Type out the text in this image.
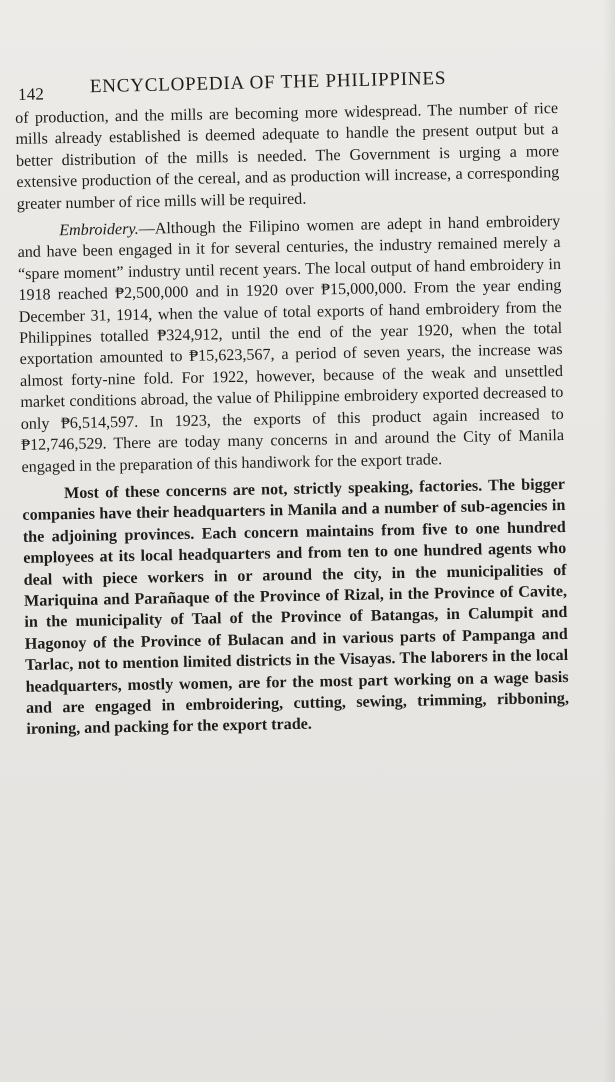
142 ENCYCLOPEDIA OF THE PHILIPPINES

of production, and the mills are becoming more widespread. The number of rice mills already established is deemed adequate to handle the present output but a better distribution of the mills is needed. The Government is urging a more extensive production of the cereal, and as production will increase, a corresponding greater number of rice mills will be required.

Embroidery.—Although the Filipino women are adept in hand embroidery and have been engaged in it for several centuries, the industry remained merely a “spare moment” industry until recent years. The local output of hand embroidery in 1918 reached ₱2,500,000 and in 1920 over ₱15,000,000. From the year ending December 31, 1914, when the value of total exports of hand embroidery from the Philippines totalled ₱324,912, until the end of the year 1920, when the total exportation amounted to ₱15,623,567, a period of seven years, the increase was almost forty-nine fold. For 1922, however, because of the weak and unsettled market conditions abroad, the value of Philippine embroidery exported decreased to only ₱6,514,597. In 1923, the exports of this product again increased to ₱12,746,529. There are today many concerns in and around the City of Manila engaged in the preparation of this handiwork for the export trade.

Most of these concerns are not, strictly speaking, factories. The bigger companies have their headquarters in Manila and a number of sub-agencies in the adjoining provinces. Each concern maintains from five to one hundred employees at its local headquarters and from ten to one hundred agents who deal with piece workers in or around the city, in the municipalities of Mariquina and Parañaque of the Province of Rizal, in the Province of Cavite, in the municipality of Taal of the Province of Batangas, in Calumpit and Hagonoy of the Province of Bulacan and in various parts of Pampanga and Tarlac, not to mention limited districts in the Visayas. The laborers in the local headquarters, mostly women, are for the most part working on a wage basis and are engaged in embroidering, cutting, sewing, trimming, ribboning, ironing, and packing for the export trade.
